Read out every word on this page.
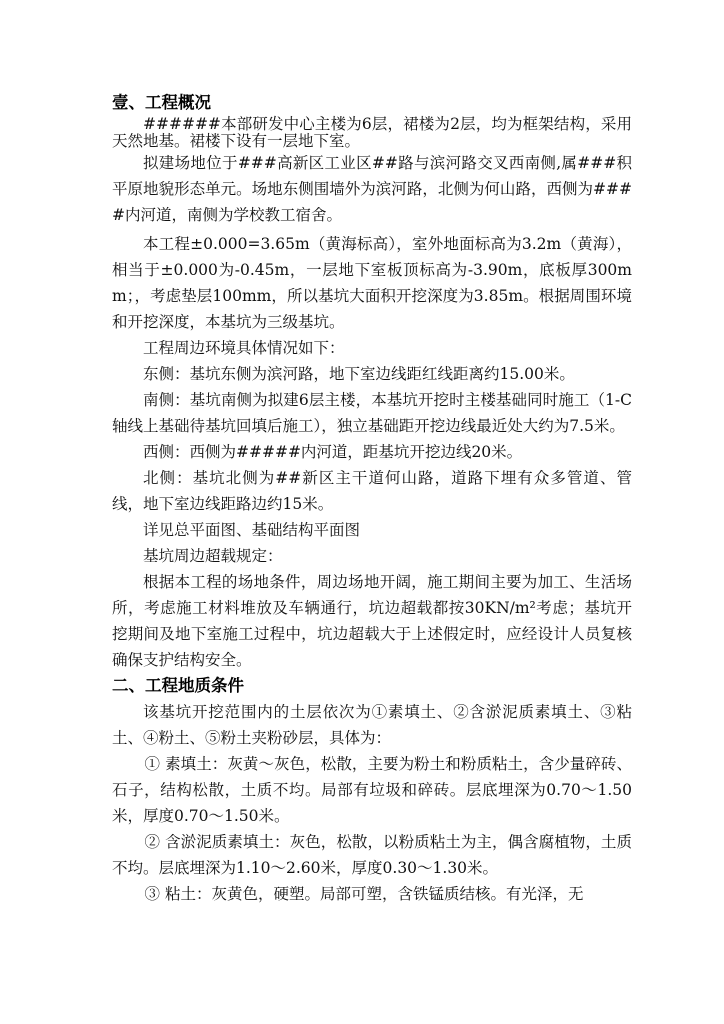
壹、工程概况

######本部研发中心主楼为6层，裙楼为2层，均为框架结构，采用天然地基。裙楼下设有一层地下室。

拟建场地位于###高新区工业区##路与滨河路交叉西南侧,属###积平原地貌形态单元。场地东侧围墙外为滨河路，北侧为何山路，西侧为####内河道，南侧为学校教工宿舍。

本工程±0.000=3.65m（黄海标高），室外地面标高为3.2m（黄海），相当于±0.000为-0.45m，一层地下室板顶标高为-3.90m，底板厚300mm；，考虑垫层100mm，所以基坑大面积开挖深度为3.85m。根据周围环境和开挖深度，本基坑为三级基坑。

工程周边环境具体情况如下：

东侧：基坑东侧为滨河路，地下室边线距红线距离约15.00米。

南侧：基坑南侧为拟建6层主楼，本基坑开挖时主楼基础同时施工（1-C轴线上基础待基坑回填后施工），独立基础距开挖边线最近处大约为7.5米。

西侧：西侧为#####内河道，距基坑开挖边线20米。

北侧：基坑北侧为##新区主干道何山路，道路下埋有众多管道、管线，地下室边线距路边约15米。

详见总平面图、基础结构平面图

基坑周边超载规定：

根据本工程的场地条件，周边场地开阔，施工期间主要为加工、生活场所，考虑施工材料堆放及车辆通行，坑边超载都按30KN/m²考虑；基坑开挖期间及地下室施工过程中，坑边超载大于上述假定时，应经设计人员复核确保支护结构安全。

二、工程地质条件

该基坑开挖范围内的土层依次为①素填土、②含淤泥质素填土、③粘土、④粉土、⑤粉土夹粉砂层，具体为：

① 素填土：灰黄～灰色，松散，主要为粉土和粉质粘土，含少量碎砖、石子，结构松散，土质不均。局部有垃圾和碎砖。层底埋深为0.70～1.50米，厚度0.70～1.50米。

② 含淤泥质素填土：灰色，松散，以粉质粘土为主，偶含腐植物，土质不均。层底埋深为1.10～2.60米，厚度0.30～1.30米。

③ 粘土：灰黄色，硬塑。局部可塑，含铁锰质结核。有光泽，无
